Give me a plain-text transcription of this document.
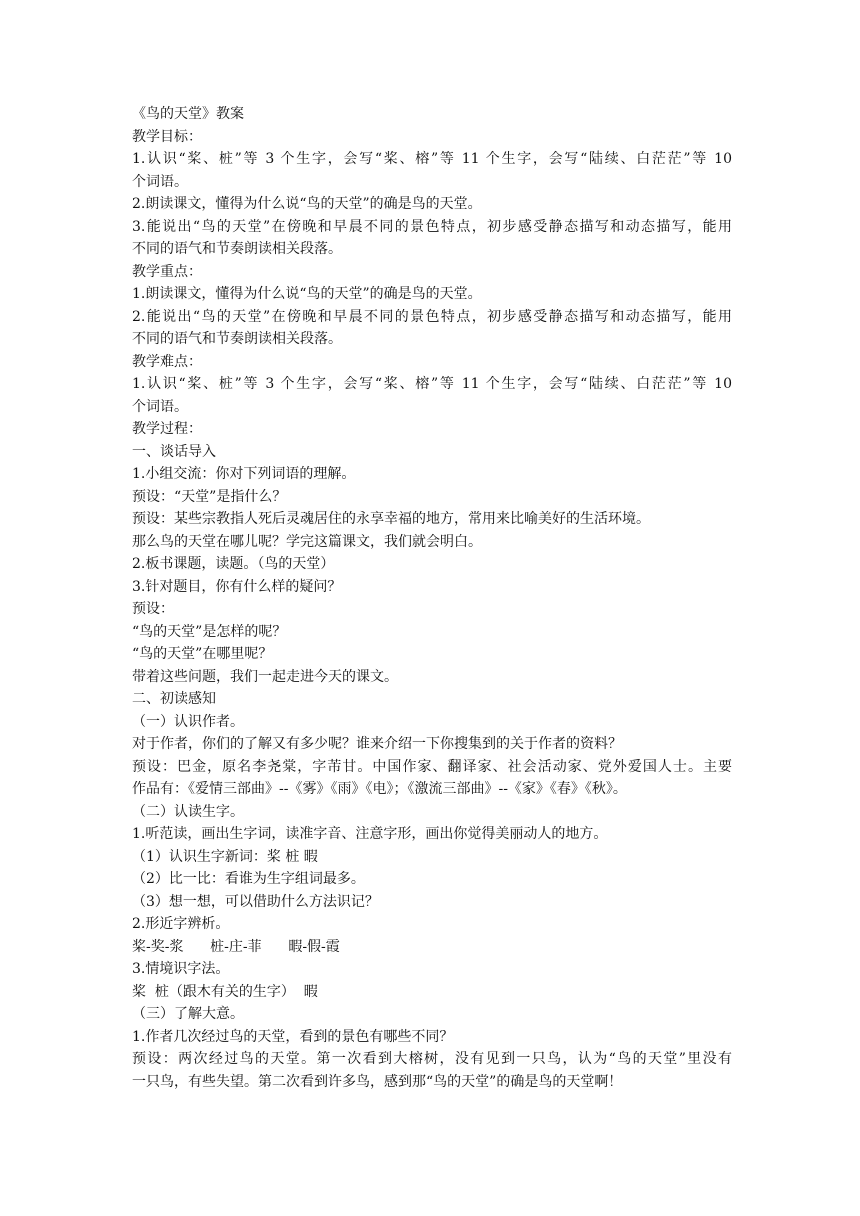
《鸟的天堂》教案
教学目标：
1.认识“桨、桩”等 3 个生字，会写“桨、榕”等 11 个生字，会写“陆续、白茫茫”等 10
个词语。
2.朗读课文，懂得为什么说“鸟的天堂”的确是鸟的天堂。
3.能说出“鸟的天堂”在傍晚和早晨不同的景色特点，初步感受静态描写和动态描写，能用
不同的语气和节奏朗读相关段落。
教学重点：
1.朗读课文，懂得为什么说“鸟的天堂”的确是鸟的天堂。
2.能说出“鸟的天堂”在傍晚和早晨不同的景色特点，初步感受静态描写和动态描写，能用
不同的语气和节奏朗读相关段落。
教学难点：
1.认识“桨、桩”等 3 个生字，会写“桨、榕”等 11 个生字，会写“陆续、白茫茫”等 10
个词语。
教学过程：
一、谈话导入
1.小组交流：你对下列词语的理解。
预设：“天堂”是指什么？
预设：某些宗教指人死后灵魂居住的永享幸福的地方，常用来比喻美好的生活环境。
那么鸟的天堂在哪儿呢？学完这篇课文，我们就会明白。
2.板书课题，读题。（鸟的天堂）
3.针对题目，你有什么样的疑问？
预设：
“鸟的天堂”是怎样的呢？
“鸟的天堂”在哪里呢？
带着这些问题，我们一起走进今天的课文。
二、初读感知
（一）认识作者。
对于作者，你们的了解又有多少呢？谁来介绍一下你搜集到的关于作者的资料？
预设：巴金，原名李尧棠，字芾甘。中国作家、翻译家、社会活动家、党外爱国人士。主要
作品有：《爱情三部曲》--《雾》《雨》《电》；《激流三部曲》--《家》《春》《秋》。
（二）认读生字。
1.听范读，画出生字词，读准字音、注意字形，画出你觉得美丽动人的地方。
（1）认识生字新词：桨 桩 暇
（2）比一比：看谁为生字组词最多。
（3）想一想，可以借助什么方法识记？
2.形近字辨析。
桨-奖-浆      桩-庄-菲      暇-假-霞
3.情境识字法。
桨  桩（跟木有关的生字）  暇
（三）了解大意。
1.作者几次经过鸟的天堂，看到的景色有哪些不同？
预设：两次经过鸟的天堂。第一次看到大榕树，没有见到一只鸟，认为“鸟的天堂”里没有
一只鸟，有些失望。第二次看到许多鸟，感到那“鸟的天堂”的确是鸟的天堂啊！
